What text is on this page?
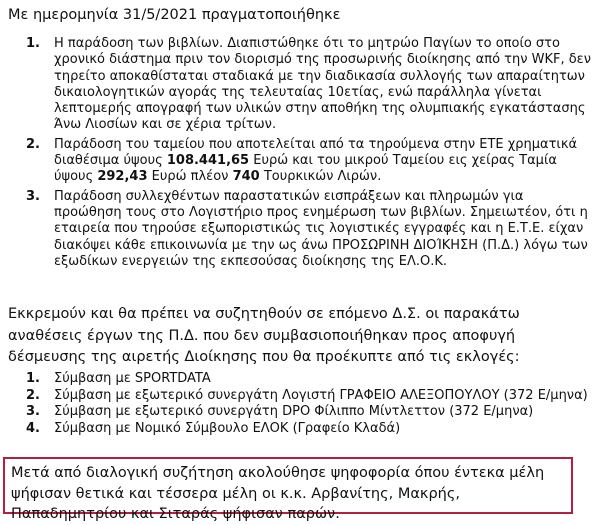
Με ημερομηνία 31/5/2021 πραγματοποιήθηκε
1. Η παράδοση των βιβλίων. Διαπιστώθηκε ότι το μητρώο Παγίων το οποίο στο χρονικό διάστημα πριν τον διορισμό της προσωρινής διοίκησης από την WKF, δεν τηρείτο αποκαθίσταται σταδιακά με την διαδικασία συλλογής των απαραίτητων δικαιολογητικών αγοράς της τελευταίας 10ετίας, ενώ παράλληλα γίνεται λεπτομερής απογραφή των υλικών στην αποθήκη της ολυμπιακής εγκατάστασης Άνω Λιοσίων και σε χέρια τρίτων.
2. Παράδοση του ταμείου που αποτελείται από τα τηρούμενα στην ΕΤΕ χρηματικά διαθέσιμα ύψους 108.441,65 Ευρώ και του μικρού Ταμείου εις χείρας Ταμία ύψους 292,43 Ευρώ πλέον 740 Τουρκικών Λιρών.
3. Παράδοση συλλεχθέντων παραστατικών εισπράξεων και πληρωμών για προώθηση τους στο Λογιστήριο προς ενημέρωση των βιβλίων. Σημειωτέον, ότι η εταιρεία που τηρούσε εξωποριστικώς τις λογιστικές εγγραφές και η Ε.Τ.Ε. είχαν διακόψει κάθε επικοινωνία με την ως άνω ΠΡΟΣΩΡΙΝΗ ΔΙΟΊΚΗΣΗ (Π.Δ.) λόγω των εξωδίκων ενεργειών της εκπεσούσας διοίκησης της ΕΛ.Ο.Κ.
Εκκρεμούν και θα πρέπει να συζητηθούν σε επόμενο Δ.Σ. οι παρακάτω αναθέσεις έργων της Π.Δ. που δεν συμβασιοποιήθηκαν προς αποφυγή δέσμευσης της αιρετής Διοίκησης που θα προέκυπτε από τις εκλογές:
1. Σύμβαση με SPORTDATA
2. Σύμβαση με εξωτερικό συνεργάτη Λογιστή ΓΡΑΦΕΙΟ ΑΛΕΞΟΠΟΥΛΟΥ (372 Ε/μηνα)
3. Σύμβαση με εξωτερικό συνεργάτη DPO Φίλιππο Μίντλεττον (372 Ε/μηνα)
4. Σύμβαση με Νομικό Σύμβουλο ΕΛΟΚ (Γραφείο Κλαδά)
Μετά από διαλογική συζήτηση ακολούθησε ψηφοφορία όπου έντεκα μέλη ψήφισαν θετικά και τέσσερα μέλη οι κ.κ. Αρβανίτης, Μακρής, Παπαδημητρίου και Σιταράς ψήφισαν παρών.
